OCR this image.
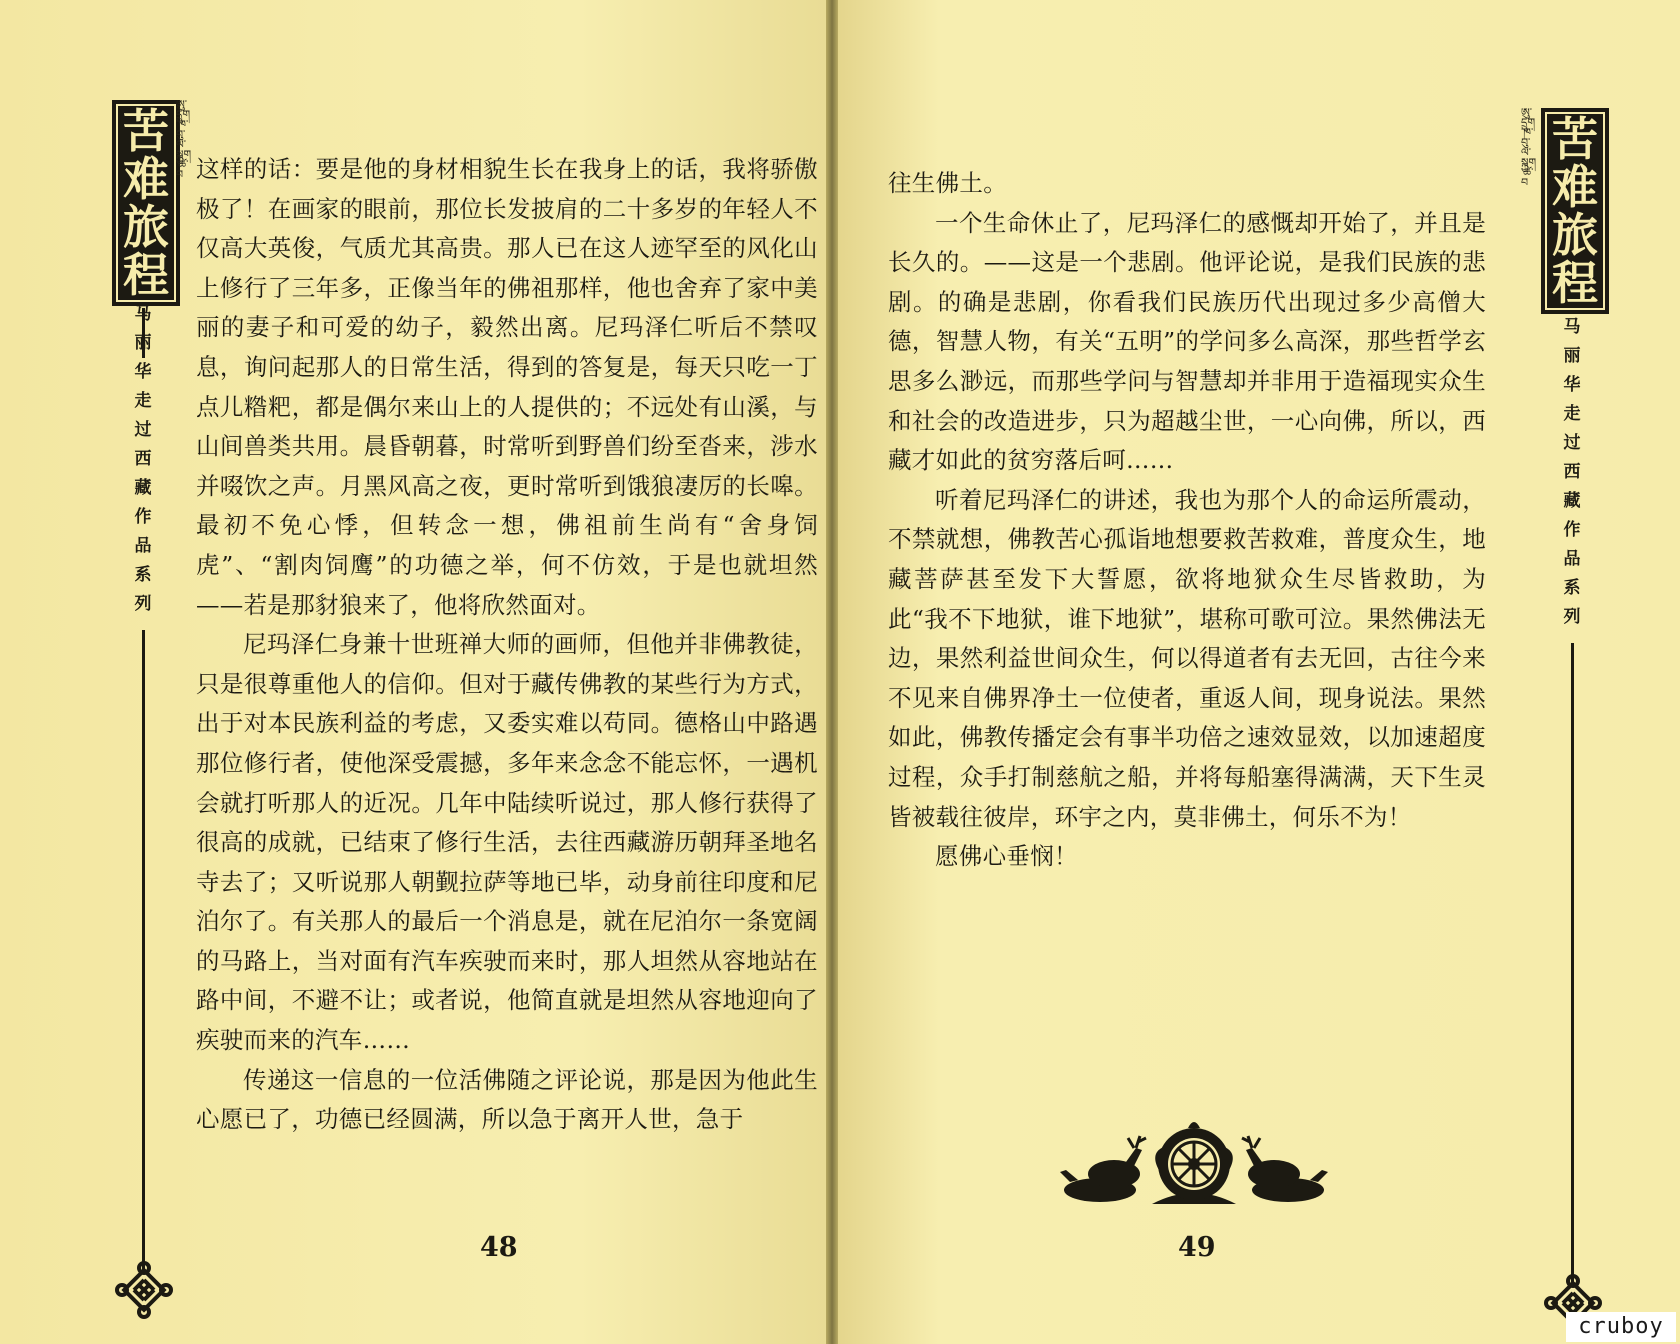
苦
难
旅
程
ཨུ་དྲུག་ཁ་བུ་ལ་སྐྱག་ཚེ་བ
马
丽
华
走
过
西
藏
作
品
系
列
ཨུ་དྲུག་ཁ་བུ་ལ་སྐྱག་ཚེ་བ
苦
难
旅
程
马
丽
华
走
过
西
藏
作
品
系
列

这样的话：要是他的身材相貌生长在我身上的话，我将骄傲极了！在画家的眼前，那位长发披肩的二十多岁的年轻人不仅高大英俊，气质尤其高贵。那人已在这人迹罕至的风化山上修行了三年多，正像当年的佛祖那样，他也舍弃了家中美丽的妻子和可爱的幼子，毅然出离。尼玛泽仁听后不禁叹息，询问起那人的日常生活，得到的答复是，每天只吃一丁点儿糌粑，都是偶尔来山上的人提供的；不远处有山溪，与山间兽类共用。晨昏朝暮，时常听到野兽们纷至沓来，涉水并啜饮之声。月黑风高之夜，更时常听到饿狼凄厉的长嗥。最初不免心悸，但转念一想，佛祖前生尚有“舍身饲虎”、“割肉饲鹰”的功德之举，何不仿效，于是也就坦然——若是那豺狼来了，他将欣然面对。

尼玛泽仁身兼十世班禅大师的画师，但他并非佛教徒，只是很尊重他人的信仰。但对于藏传佛教的某些行为方式，出于对本民族利益的考虑，又委实难以苟同。德格山中路遇那位修行者，使他深受震撼，多年来念念不能忘怀，一遇机会就打听那人的近况。几年中陆续听说过，那人修行获得了很高的成就，已结束了修行生活，去往西藏游历朝拜圣地名寺去了；又听说那人朝觐拉萨等地已毕，动身前往印度和尼泊尔了。有关那人的最后一个消息是，就在尼泊尔一条宽阔的马路上，当对面有汽车疾驶而来时，那人坦然从容地站在路中间，不避不让；或者说，他简直就是坦然从容地迎向了疾驶而来的汽车……

传递这一信息的一位活佛随之评论说，那是因为他此生心愿已了，功德已经圆满，所以急于离开人世，急于

48

往生佛土。

一个生命休止了，尼玛泽仁的感慨却开始了，并且是长久的。——这是一个悲剧。他评论说，是我们民族的悲剧。的确是悲剧，你看我们民族历代出现过多少高僧大德，智慧人物，有关“五明”的学问多么高深，那些哲学玄思多么渺远，而那些学问与智慧却并非用于造福现实众生和社会的改造进步，只为超越尘世，一心向佛，所以，西藏才如此的贫穷落后呵……

听着尼玛泽仁的讲述，我也为那个人的命运所震动，不禁就想，佛教苦心孤诣地想要救苦救难，普度众生，地藏菩萨甚至发下大誓愿，欲将地狱众生尽皆救助，为此“我不下地狱，谁下地狱”，堪称可歌可泣。果然佛法无边，果然利益世间众生，何以得道者有去无回，古往今来不见来自佛界净土一位使者，重返人间，现身说法。果然如此，佛教传播定会有事半功倍之速效显效，以加速超度过程，众手打制慈航之船，并将每船塞得满满，天下生灵皆被载往彼岸，环宇之内，莫非佛土，何乐不为！

愿佛心垂悯！

49
cruboy
